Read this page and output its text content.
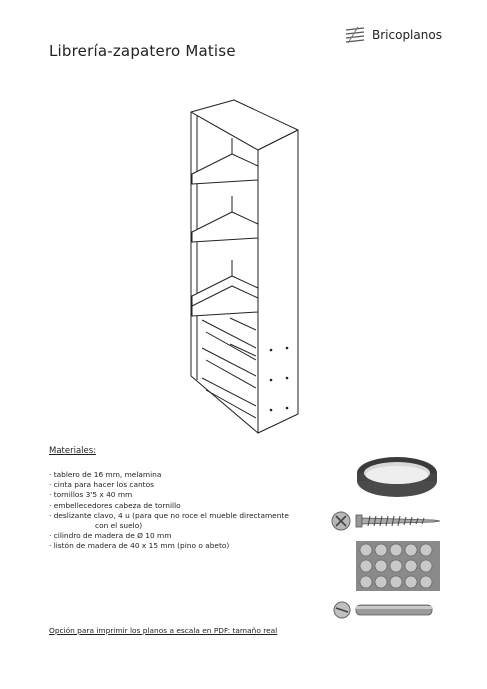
Librería-zapatero Matise
Bricoplanos
Materiales:
· tablero de 16 mm, melamina
· cinta para hacer los cantos
· tornillos 3'5 x 40 mm
· embellecedores cabeza de tornillo
· deslizante clavo, 4 u (para que no roce el mueble directamente
con el suelo)
· cilindro de madera de Ø 10 mm
· listón de madera de 40 x 15 mm (pino o abeto)
Opción para imprimir los planos a escala en PDF: tamaño real
